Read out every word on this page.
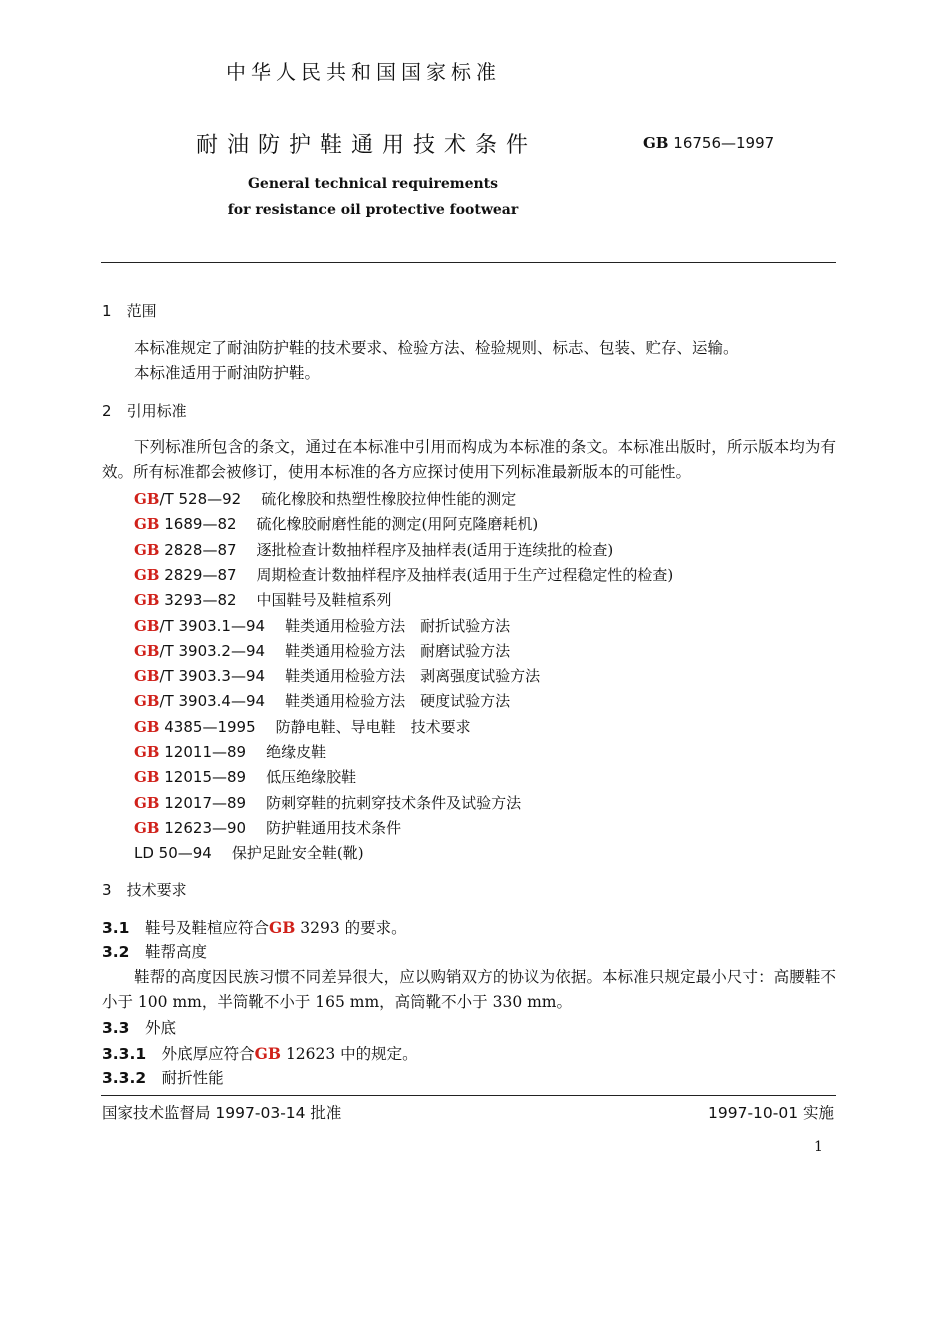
中华人民共和国国家标准
耐油防护鞋通用技术条件	GB 16756—1997
General technical requirements
for resistance oil protective footwear
1　 范围
本标准规定了耐油防护鞋的技术要求、检验方法、检验规则、标志、包装、贮存、运输。
本标准适用于耐油防护鞋。
2　 引用标准
下列标准所包含的条文，通过在本标准中引用而构成为本标准的条文。本标准出版时，所示版本均为有效。所有标准都会被修订，使用本标准的各方应探讨使用下列标准最新版本的可能性。
GB/T 528—92 硫化橡胶和热塑性橡胶拉伸性能的测定
GB 1689—82 硫化橡胶耐磨性能的测定(用阿克隆磨耗机)
GB 2828—87 逐批检查计数抽样程序及抽样表(适用于连续批的检查)
GB 2829—87 周期检查计数抽样程序及抽样表(适用于生产过程稳定性的检查)
GB 3293—82 中国鞋号及鞋楦系列
GB/T 3903.1—94 鞋类通用检验方法　耐折试验方法
GB/T 3903.2—94 鞋类通用检验方法　耐磨试验方法
GB/T 3903.3—94 鞋类通用检验方法　剥离强度试验方法
GB/T 3903.4—94 鞋类通用检验方法　硬度试验方法
GB 4385—1995 防静电鞋、导电鞋　技术要求
GB 12011—89 绝缘皮鞋
GB 12015—89 低压绝缘胶鞋
GB 12017—89 防刺穿鞋的抗刺穿技术条件及试验方法
GB 12623—90 防护鞋通用技术条件
LD 50—94 保护足趾安全鞋(靴)
3　 技术要求
3.1　 鞋号及鞋楦应符合GB 3293 的要求。
3.2　 鞋帮高度
鞋帮的高度因民族习惯不同差异很大，应以购销双方的协议为依据。本标准只规定最小尺寸：高腰鞋不小于 100 mm，半筒靴不小于 165 mm，高筒靴不小于 330 mm。
3.3　 外底
3.3.1　 外底厚应符合GB 12623 中的规定。
3.3.2　 耐折性能
国家技术监督局 1997-03-14 批准	1997-10-01 实施
1
